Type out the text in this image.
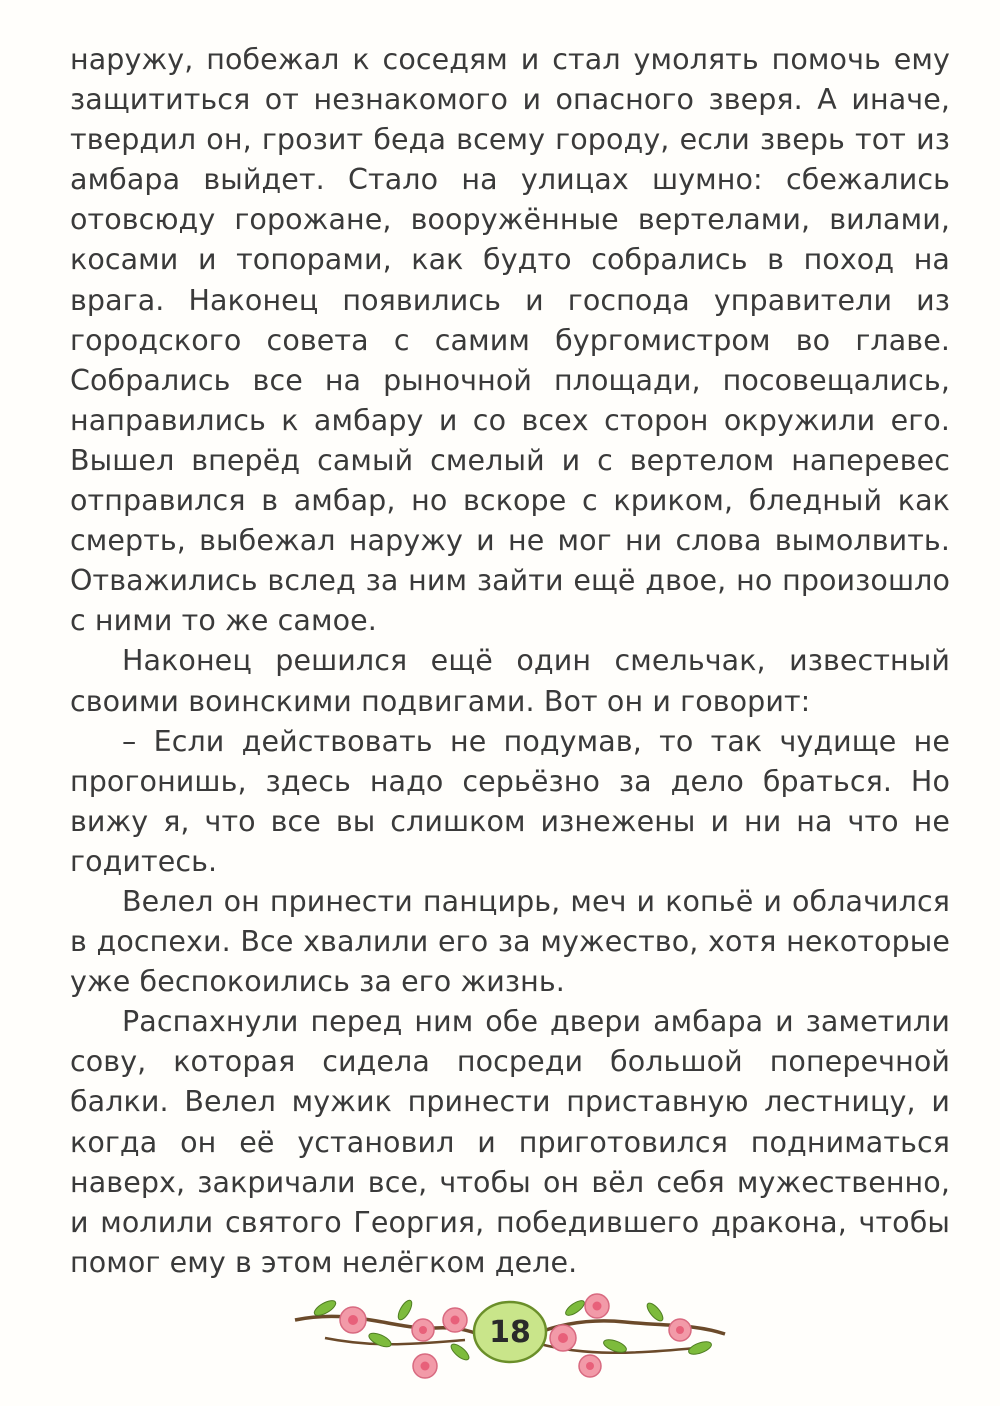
наружу, побежал к соседям и стал умолять помочь ему защититься от незнакомого и опасного зверя. А иначе, твердил он, грозит беда всему городу, если зверь тот из амбара выйдет. Стало на улицах шумно: сбежались отовсюду горожане, вооружённые вертелами, вилами, косами и топорами, как будто собрались в поход на врага. Наконец появились и господа управители из городского совета с самим бургомистром во главе. Собрались все на рыночной площади, посовещались, направились к амбару и со всех сторон окружили его. Вышел вперёд самый смелый и с вертелом наперевес отправился в амбар, но вскоре с криком, бледный как смерть, выбежал наружу и не мог ни слова вымолвить. Отважились вслед за ним зайти ещё двое, но произошло с ними то же самое.

Наконец решился ещё один смельчак, известный своими воинскими подвигами. Вот он и говорит:

– Если действовать не подумав, то так чудище не прогонишь, здесь надо серьёзно за дело браться. Но вижу я, что все вы слишком изнежены и ни на что не годитесь.

Велел он принести панцирь, меч и копьё и облачился в доспехи. Все хвалили его за мужество, хотя некоторые уже беспокоились за его жизнь.

Распахнули перед ним обе двери амбара и заметили сову, которая сидела посреди большой поперечной балки. Велел мужик принести приставную лестницу, и когда он её установил и приготовился подниматься наверх, закричали все, чтобы он вёл себя мужественно, и молили святого Георгия, победившего дракона, чтобы помог ему в этом нелёгком деле.

18
